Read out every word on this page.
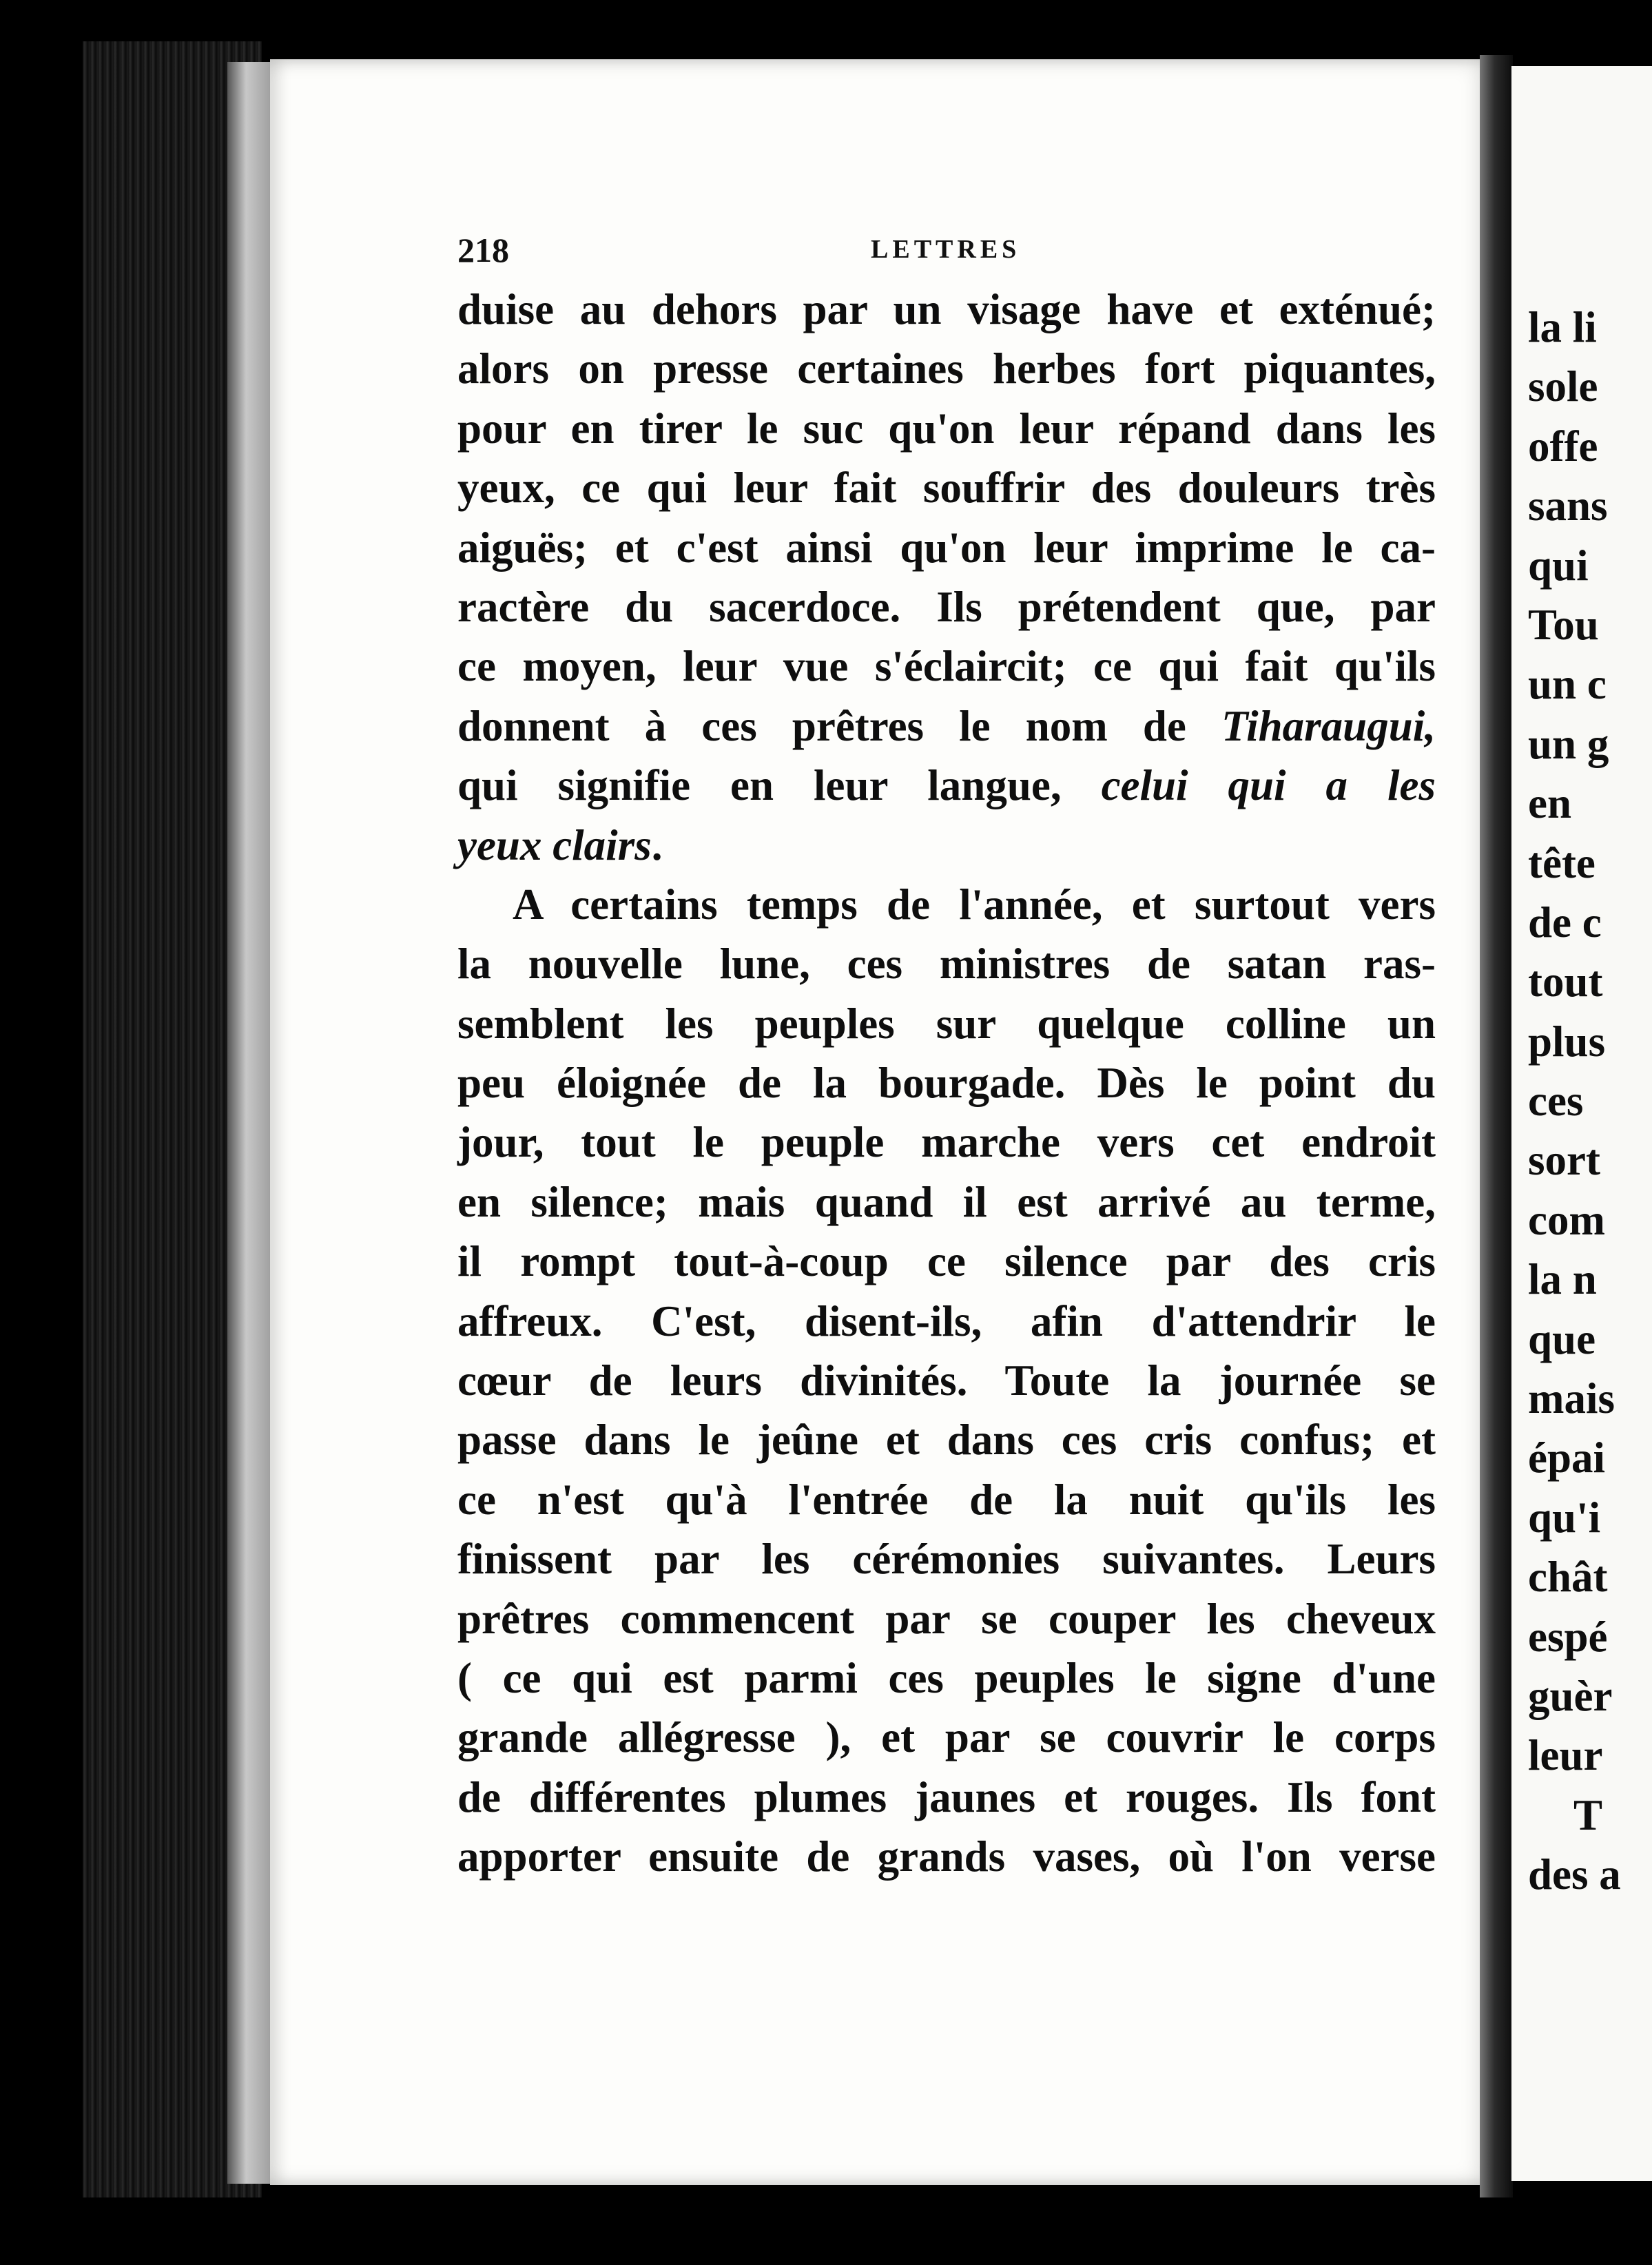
218	LETTRES
duise au dehors par un visage have et exténué;
alors on presse certaines herbes fort piquantes,
pour en tirer le suc qu'on leur répand dans les
yeux, ce qui leur fait souffrir des douleurs très
aiguës; et c'est ainsi qu'on leur imprime le ca-
ractère du sacerdoce. Ils prétendent que, par
ce moyen, leur vue s'éclaircit; ce qui fait qu'ils
donnent à ces prêtres le nom de Tiharaugui,
qui signifie en leur langue, celui qui a les
yeux clairs.
A certains temps de l'année, et surtout vers
la nouvelle lune, ces ministres de satan ras-
semblent les peuples sur quelque colline un
peu éloignée de la bourgade. Dès le point du
jour, tout le peuple marche vers cet endroit
en silence; mais quand il est arrivé au terme,
il rompt tout-à-coup ce silence par des cris
affreux. C'est, disent-ils, afin d'attendrir le
cœur de leurs divinités. Toute la journée se
passe dans le jeûne et dans ces cris confus; et
ce n'est qu'à l'entrée de la nuit qu'ils les
finissent par les cérémonies suivantes. Leurs
prêtres commencent par se couper les cheveux
( ce qui est parmi ces peuples le signe d'une
grande allégresse ), et par se couvrir le corps
de différentes plumes jaunes et rouges. Ils font
apporter ensuite de grands vases, où l'on verse
la li
sole
offe
sans
qui
Tou
un c
un g
en
tête
de c
tout
plus
ces
sort
com
la n
que
mais
épai
qu'i
chât
espé
guèr
leur
T
des a
